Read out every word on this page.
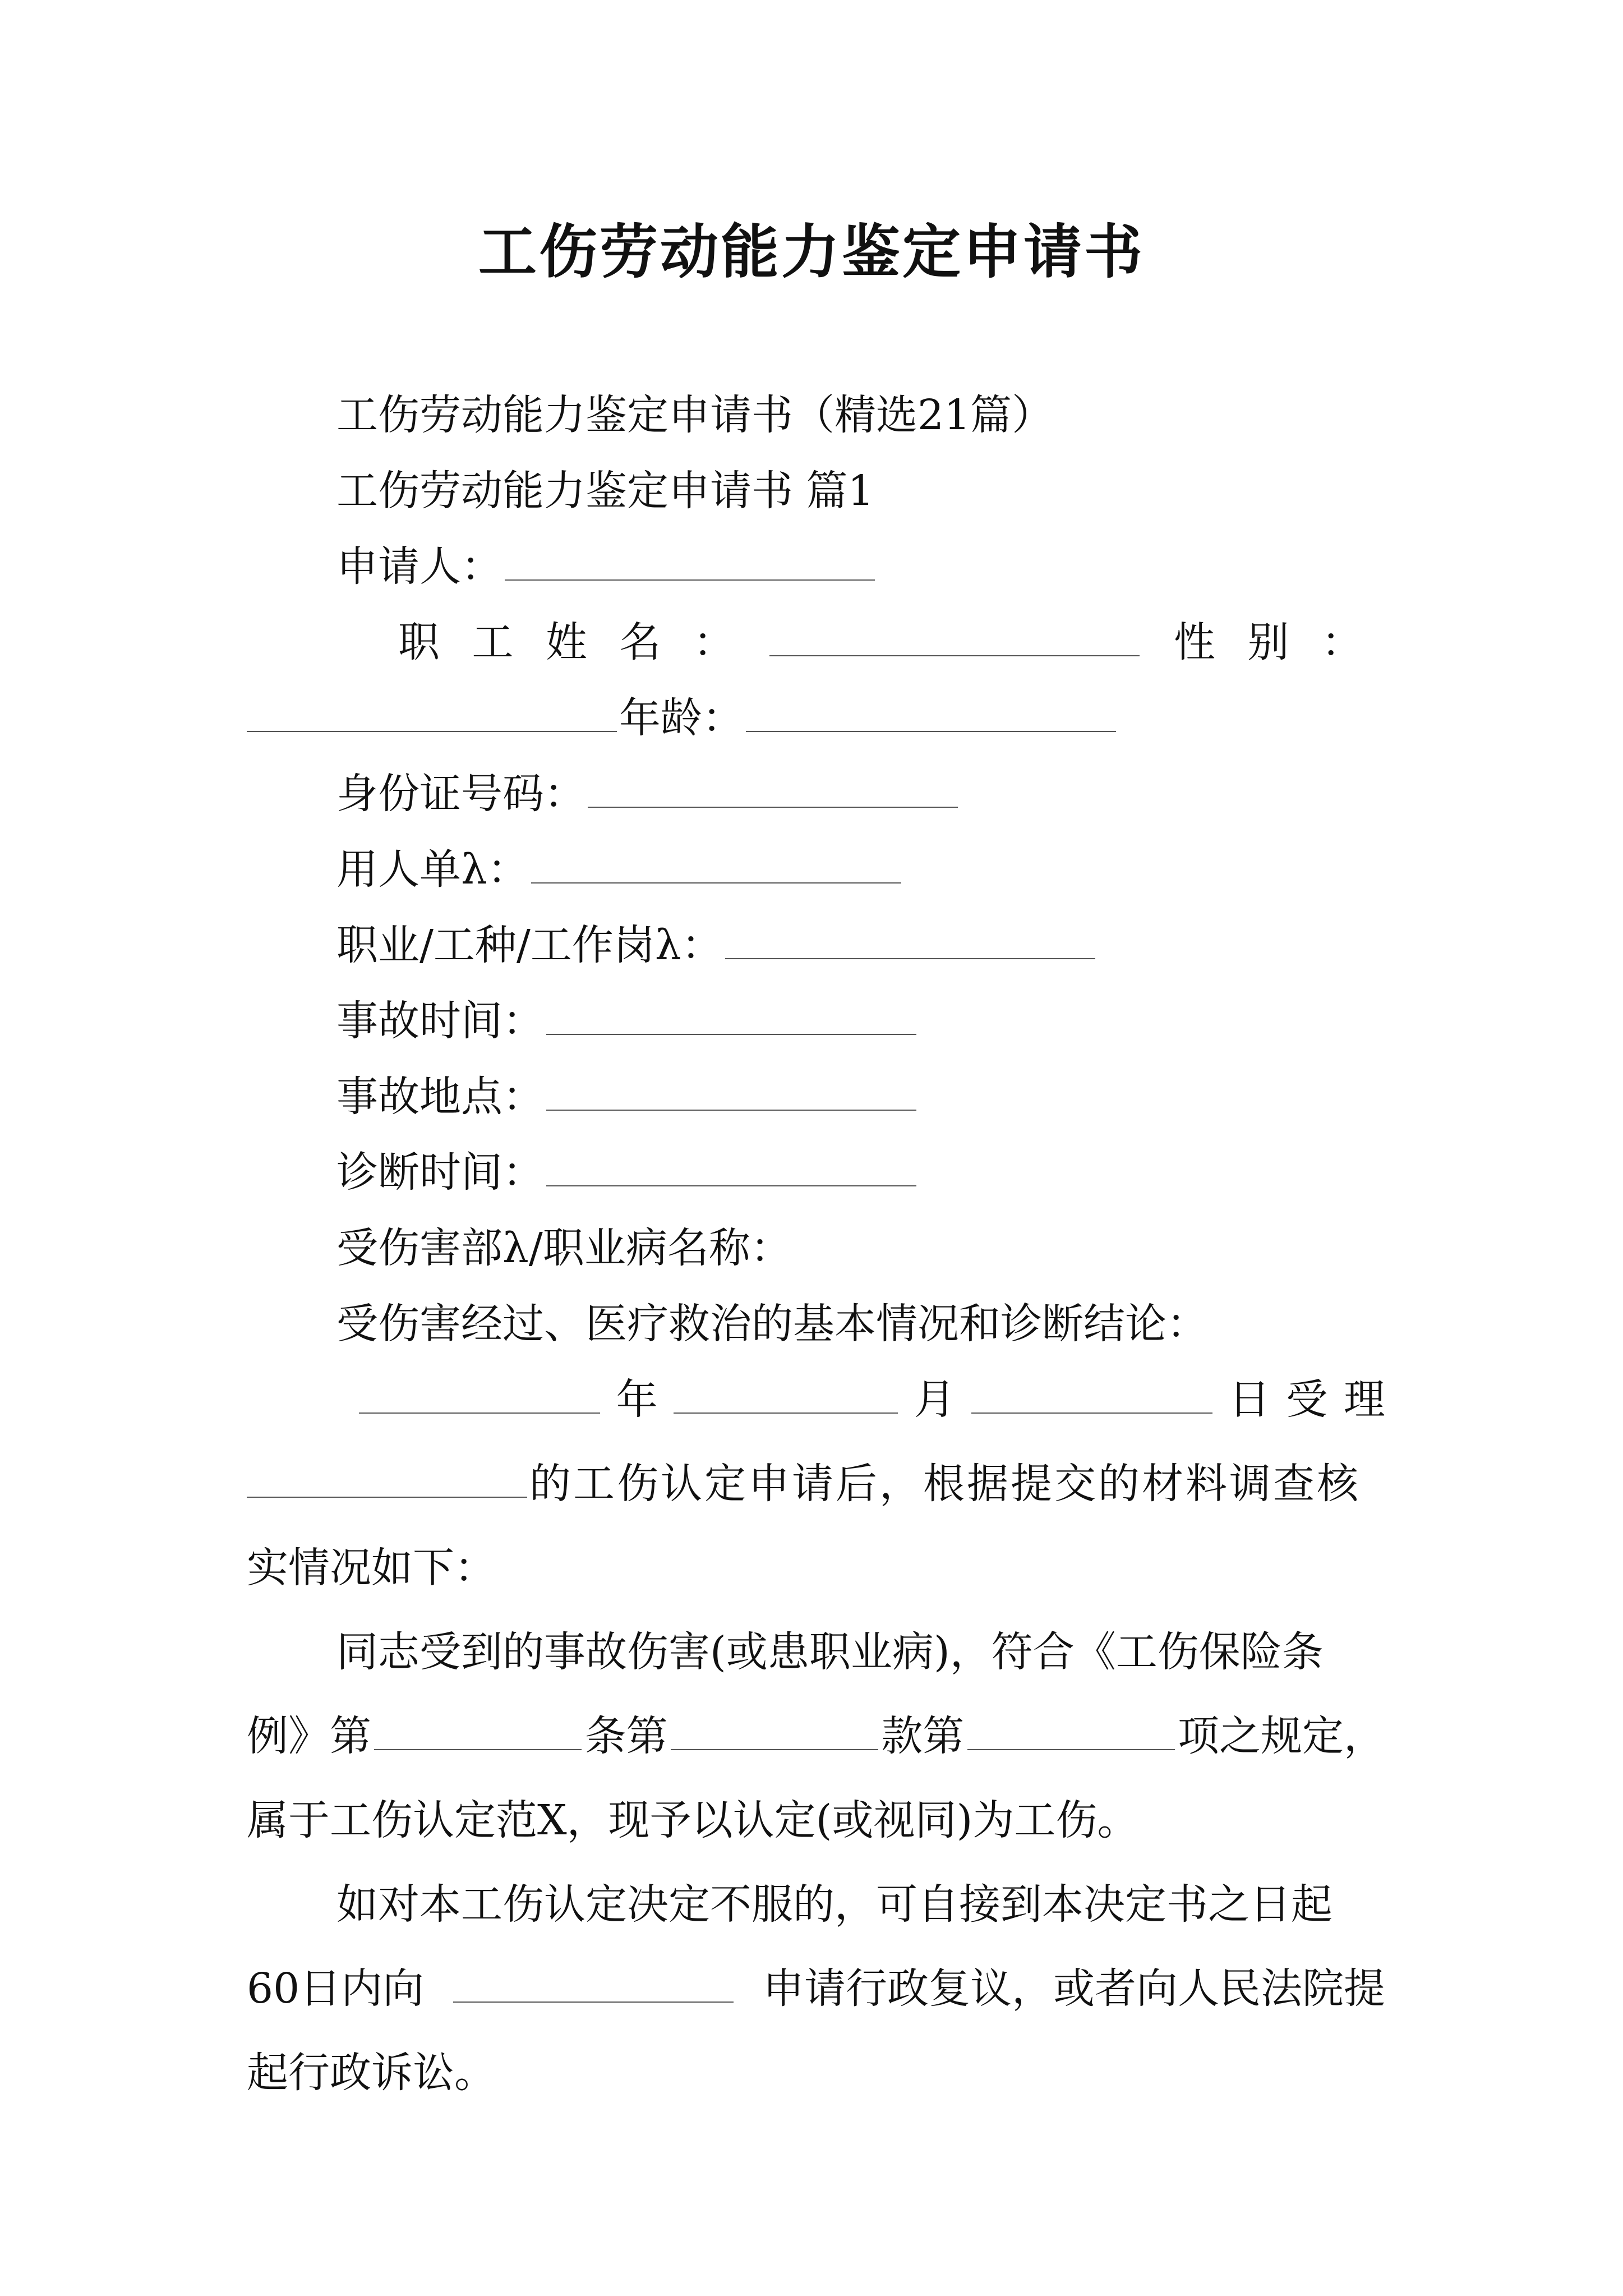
工伤劳动能力鉴定申请书
工伤劳动能力鉴定申请书（精选21篇）
工伤劳动能力鉴定申请书 篇1
申请人：
职 工 姓 名 ：	性 别 ：
年龄：
身份证号码：
用人单λ：
职业/工种/工作岗λ：
事故时间：
事故地点：
诊断时间：
受伤害部λ/职业病名称：
受伤害经过、医疗救治的基本情况和诊断结论：
年	月	日 受 理
的工伤认定申请后，根据提交的材料调查核
实情况如下：
同志受到的事故伤害(或患职业病)，符合《工伤保险条
例》第	条第	款第	项之规定，
属于工伤认定范X，现予以认定(或视同)为工伤。
如对本工伤认定决定不服的，可自接到本决定书之日起
60日内向	申请行政复议，或者向人民法院提
起行政诉讼。
